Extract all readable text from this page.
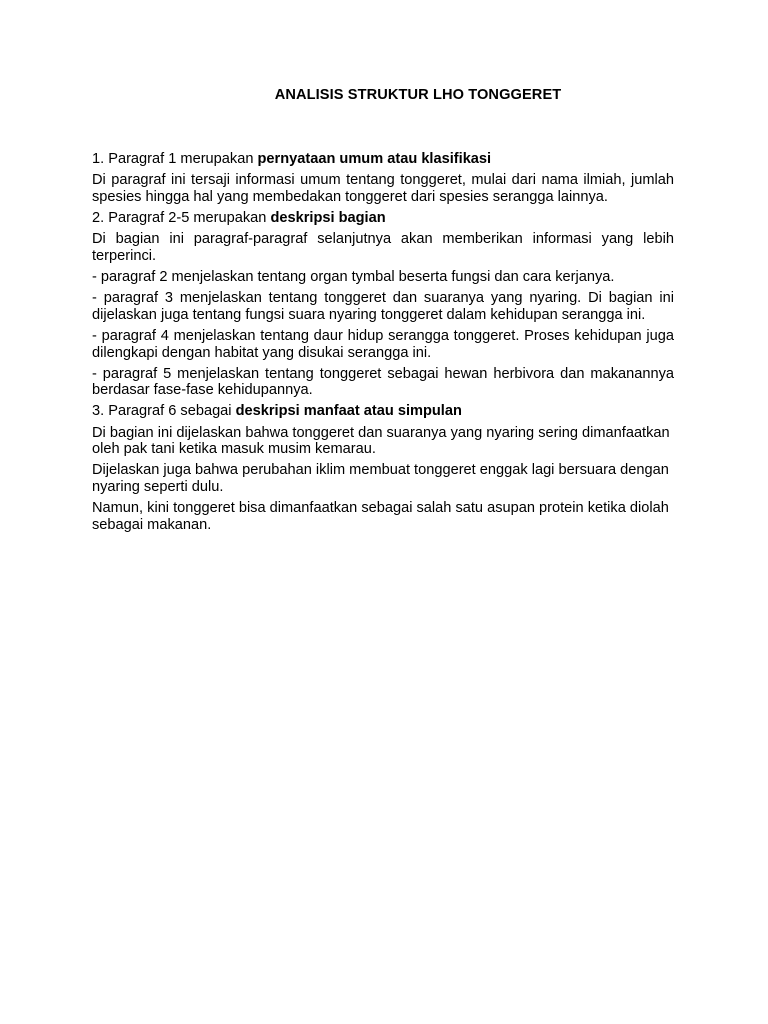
ANALISIS STRUKTUR LHO TONGGERET

1. Paragraf 1 merupakan pernyataan umum atau klasifikasi

Di paragraf ini tersaji informasi umum tentang tonggeret, mulai dari nama ilmiah, jumlah spesies hingga hal yang membedakan tonggeret dari spesies serangga lainnya.

2. Paragraf 2-5 merupakan deskripsi bagian

Di bagian ini paragraf-paragraf selanjutnya akan memberikan informasi yang lebih terperinci.

- paragraf 2 menjelaskan tentang organ tymbal beserta fungsi dan cara kerjanya.

- paragraf 3 menjelaskan tentang tonggeret dan suaranya yang nyaring. Di bagian ini dijelaskan juga tentang fungsi suara nyaring tonggeret dalam kehidupan serangga ini.

- paragraf 4 menjelaskan tentang daur hidup serangga tonggeret. Proses kehidupan juga dilengkapi dengan habitat yang disukai serangga ini.

- paragraf 5 menjelaskan tentang tonggeret sebagai hewan herbivora dan makanannya berdasar fase-fase kehidupannya.

3. Paragraf 6 sebagai deskripsi manfaat atau simpulan

Di bagian ini dijelaskan bahwa tonggeret dan suaranya yang nyaring sering dimanfaatkan oleh pak tani ketika masuk musim kemarau.

Dijelaskan juga bahwa perubahan iklim membuat tonggeret enggak lagi bersuara dengan nyaring seperti dulu.

Namun, kini tonggeret bisa dimanfaatkan sebagai salah satu asupan protein ketika diolah sebagai makanan.
